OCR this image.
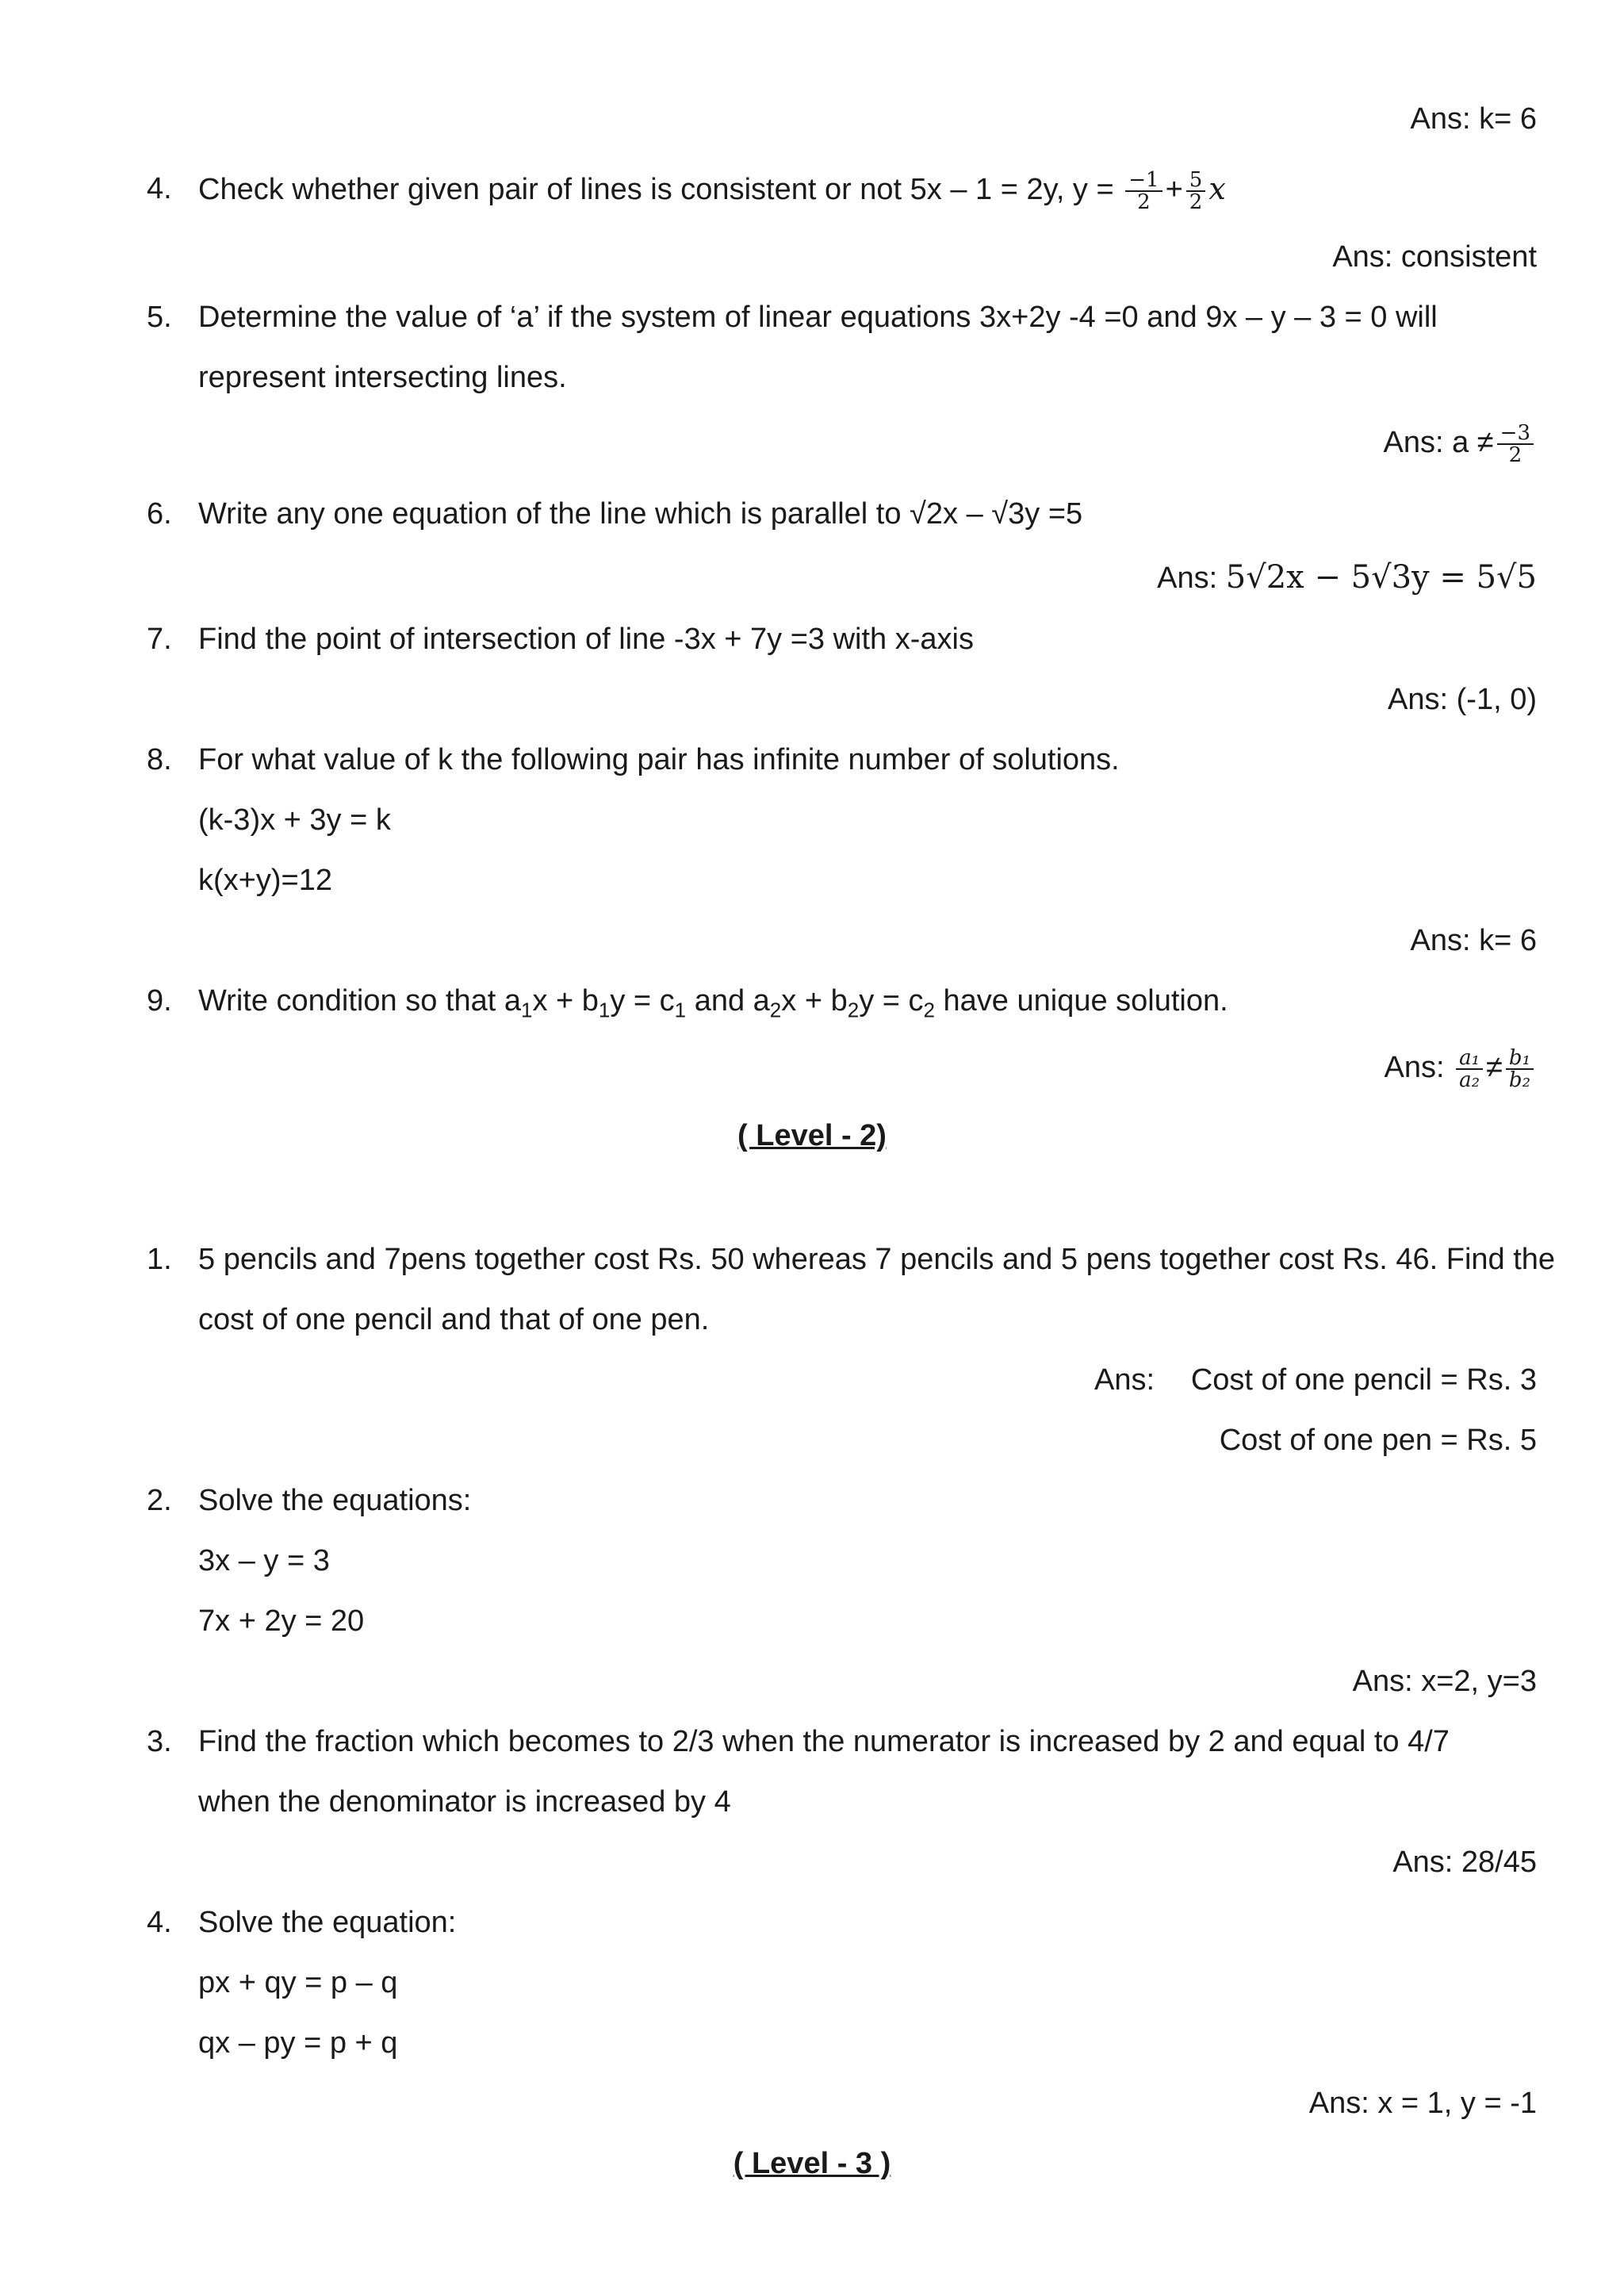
Ans: k= 6
4. Check whether given pair of lines is consistent or not 5x – 1 = 2y, $y = \frac{-1}{2} + \frac{5}{2}$ x
Ans: consistent
5. Determine the value of ‘a’ if the system of linear equations 3x+2y -4 =0 and 9x – y – 3 = 0 will
represent intersecting lines.
Ans: $a \ne \frac{-3}{2}$
6. Write any one equation of the line which is parallel to √2x – √3y =5
Ans: 5√2x − 5√3y = 5√5
7. Find the point of intersection of line -3x + 7y =3 with x-axis
Ans: (-1, 0)
8. For what value of k the following pair has infinite number of solutions.
(k-3)x + 3y = k
k(x+y)=12
Ans: k= 6
9. Write condition so that $a_1x + b_1y = c_1$ and $a_2x + b_2y = c_2$ have unique solution.
Ans: $\frac{\text{a₁}}{\text{a₂}} \ne \frac{\text{b₁}}{\text{b₂}}$
( Level - 2)
1. 5 pencils and 7pens together cost Rs. 50 whereas 7 pencils and 5 pens together cost Rs. 46. Find the
cost of one pencil and that of one pen.
Ans: Cost of one pencil = Rs. 3
Cost of one pen = Rs. 5
2. Solve the equations:
3x – y = 3
7x + 2y = 20
Ans: x=2, y=3
3. Find the fraction which becomes to 2/3 when the numerator is increased by 2 and equal to 4/7
when the denominator is increased by 4
Ans: 28/45
4. Solve the equation:
px + qy = p – q
qx – py = p + q
Ans: x = 1, y = -1
( Level - 3 )
